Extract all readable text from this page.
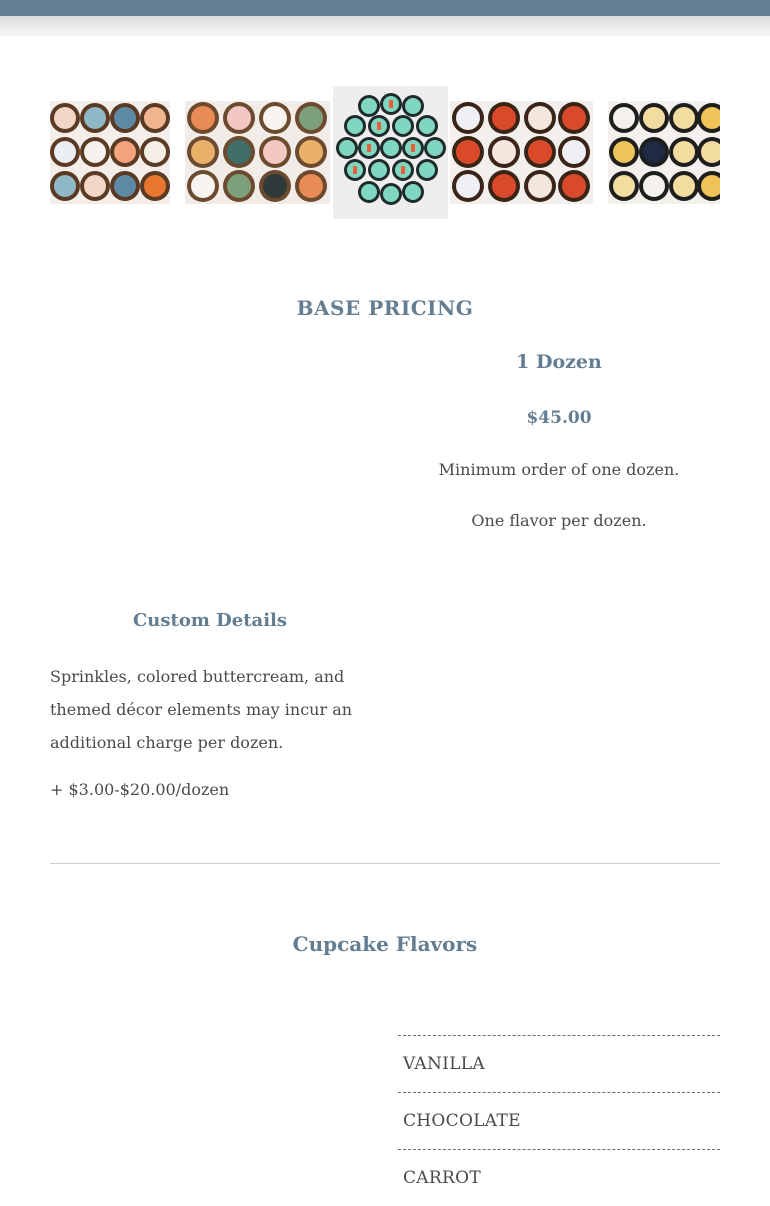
BASE PRICING
1 Dozen
$45.00
Minimum order of one dozen.
One flavor per dozen.
Custom Details
Sprinkles, colored buttercream, and themed décor elements may incur an additional charge per dozen.
+ $3.00-$20.00/dozen
Cupcake Flavors
VANILLA
CHOCOLATE
CARROT
